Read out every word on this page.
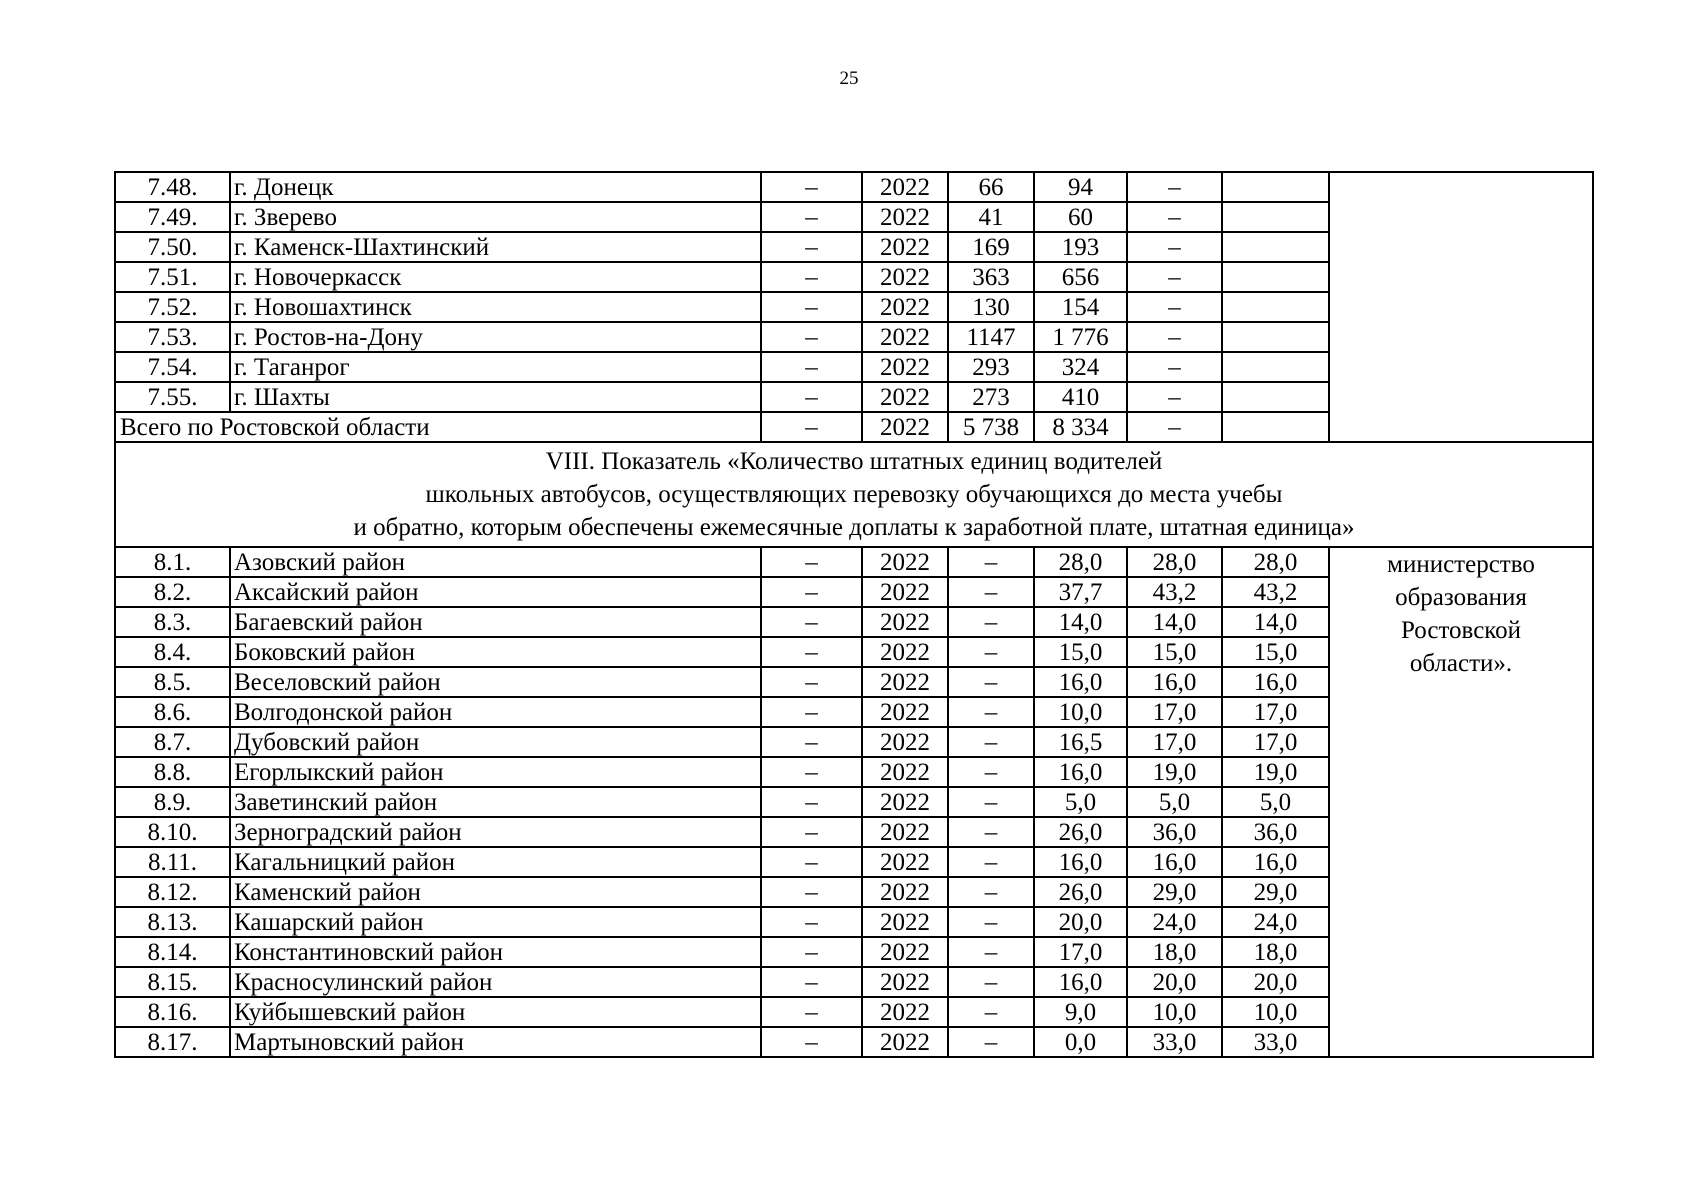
25
7.48.	г. Донецк	–	2022	66	94	–		
7.49.	г. Зверево	–	2022	41	60	–		
7.50.	г. Каменск-Шахтинский	–	2022	169	193	–		
7.51.	г. Новочеркасск	–	2022	363	656	–		
7.52.	г. Новошахтинск	–	2022	130	154	–		
7.53.	г. Ростов-на-Дону	–	2022	1147	1 776	–		
7.54.	г. Таганрог	–	2022	293	324	–		
7.55.	г. Шахты	–	2022	273	410	–		
Всего по Ростовской области		–	2022	5 738	8 334	–		

VIII. Показатель «Количество штатных единиц водителей
школьных автобусов, осуществляющих перевозку обучающихся до места учебы
и обратно, которым обеспечены ежемесячные доплаты к заработной плате, штатная единица»								

8.1.	Азовский район	–	2022	–	28,0	28,0	28,0	министерство
образования
Ростовской
области».

8.2.	Аксайский район	–	2022	–	37,7	43,2	43,2	
8.3.	Багаевский район	–	2022	–	14,0	14,0	14,0	
8.4.	Боковский район	–	2022	–	15,0	15,0	15,0	
8.5.	Веселовский район	–	2022	–	16,0	16,0	16,0	
8.6.	Волгодонской район	–	2022	–	10,0	17,0	17,0	
8.7.	Дубовский район	–	2022	–	16,5	17,0	17,0	
8.8.	Егорлыкский район	–	2022	–	16,0	19,0	19,0	
8.9.	Заветинский район	–	2022	–	5,0	5,0	5,0	
8.10.	Зерноградский район	–	2022	–	26,0	36,0	36,0	
8.11.	Кагальницкий район	–	2022	–	16,0	16,0	16,0	
8.12.	Каменский район	–	2022	–	26,0	29,0	29,0	
8.13.	Кашарский район	–	2022	–	20,0	24,0	24,0	
8.14.	Константиновский район	–	2022	–	17,0	18,0	18,0	
8.15.	Красносулинский район	–	2022	–	16,0	20,0	20,0	
8.16.	Куйбышевский район	–	2022	–	9,0	10,0	10,0	
8.17.	Мартыновский район	–	2022	–	0,0	33,0	33,0	
